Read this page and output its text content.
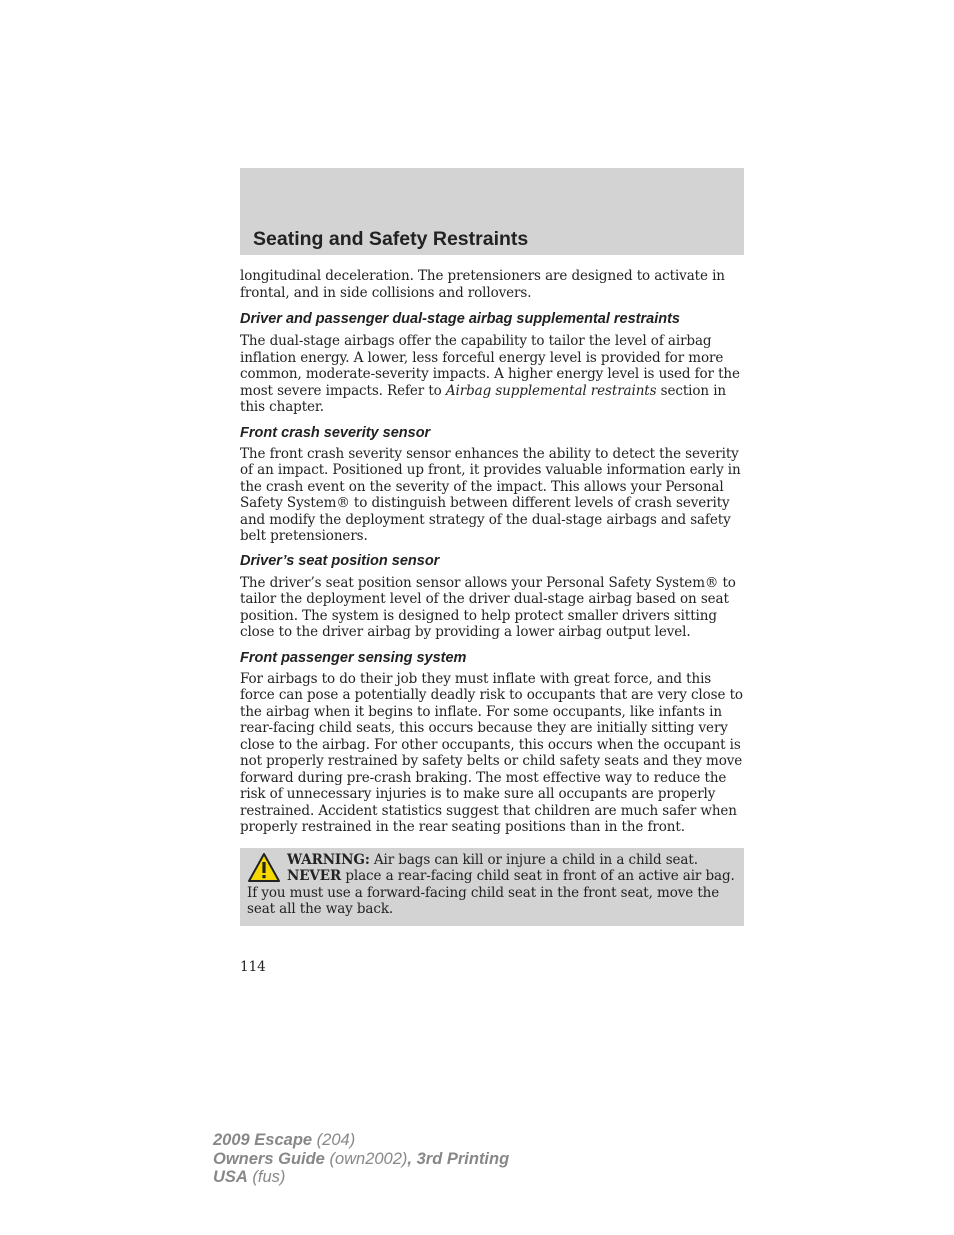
Seating and Safety Restraints

longitudinal deceleration. The pretensioners are designed to activate in frontal, and in side collisions and rollovers.

Driver and passenger dual-stage airbag supplemental restraints

The dual-stage airbags offer the capability to tailor the level of airbag inflation energy. A lower, less forceful energy level is provided for more common, moderate-severity impacts. A higher energy level is used for the most severe impacts. Refer to Airbag supplemental restraints section in this chapter.

Front crash severity sensor

The front crash severity sensor enhances the ability to detect the severity of an impact. Positioned up front, it provides valuable information early in the crash event on the severity of the impact. This allows your Personal Safety System® to distinguish between different levels of crash severity and modify the deployment strategy of the dual-stage airbags and safety belt pretensioners.

Driver’s seat position sensor

The driver’s seat position sensor allows your Personal Safety System® to tailor the deployment level of the driver dual-stage airbag based on seat position. The system is designed to help protect smaller drivers sitting close to the driver airbag by providing a lower airbag output level.

Front passenger sensing system

For airbags to do their job they must inflate with great force, and this force can pose a potentially deadly risk to occupants that are very close to the airbag when it begins to inflate. For some occupants, like infants in rear-facing child seats, this occurs because they are initially sitting very close to the airbag. For other occupants, this occurs when the occupant is not properly restrained by safety belts or child safety seats and they move forward during pre-crash braking. The most effective way to reduce the risk of unnecessary injuries is to make sure all occupants are properly restrained. Accident statistics suggest that children are much safer when properly restrained in the rear seating positions than in the front.

WARNING: Air bags can kill or injure a child in a child seat. NEVER place a rear-facing child seat in front of an active air bag. If you must use a forward-facing child seat in the front seat, move the seat all the way back.

114

2009 Escape (204)
Owners Guide (own2002), 3rd Printing
USA (fus)
